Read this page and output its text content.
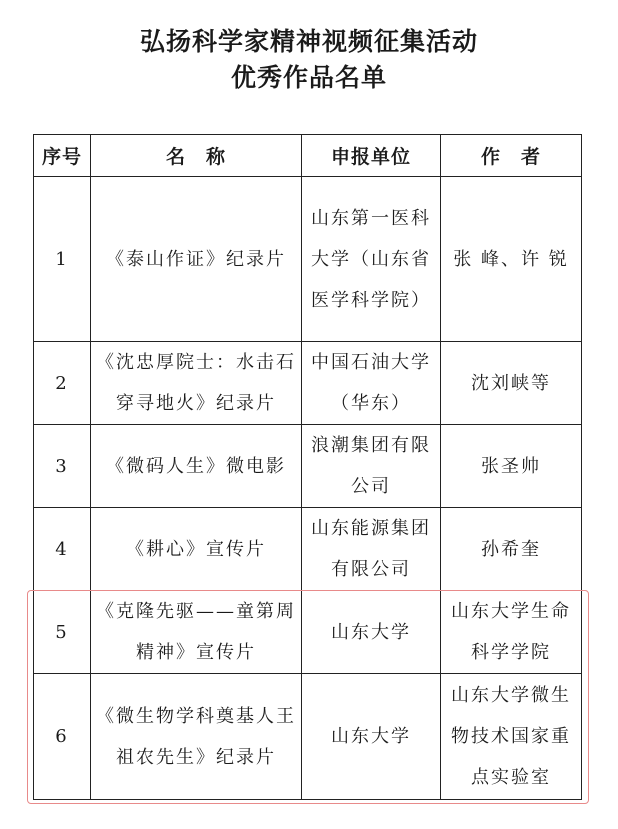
弘扬科学家精神视频征集活动
优秀作品名单
序号	名　称	申报单位	作　者
1	《泰山作证》纪录片	山东第一医科大学（山东省医学科学院）	张 峰、许 锐
2	《沈忠厚院士：水击石穿寻地火》纪录片	中国石油大学（华东）	沈刘峡等
3	《微码人生》微电影	浪潮集团有限公司	张圣帅
4	《耕心》宣传片	山东能源集团有限公司	孙希奎
5	《克隆先驱——童第周精神》宣传片	山东大学	山东大学生命科学学院
6	《微生物学科奠基人王祖农先生》纪录片	山东大学	山东大学微生物技术国家重点实验室
